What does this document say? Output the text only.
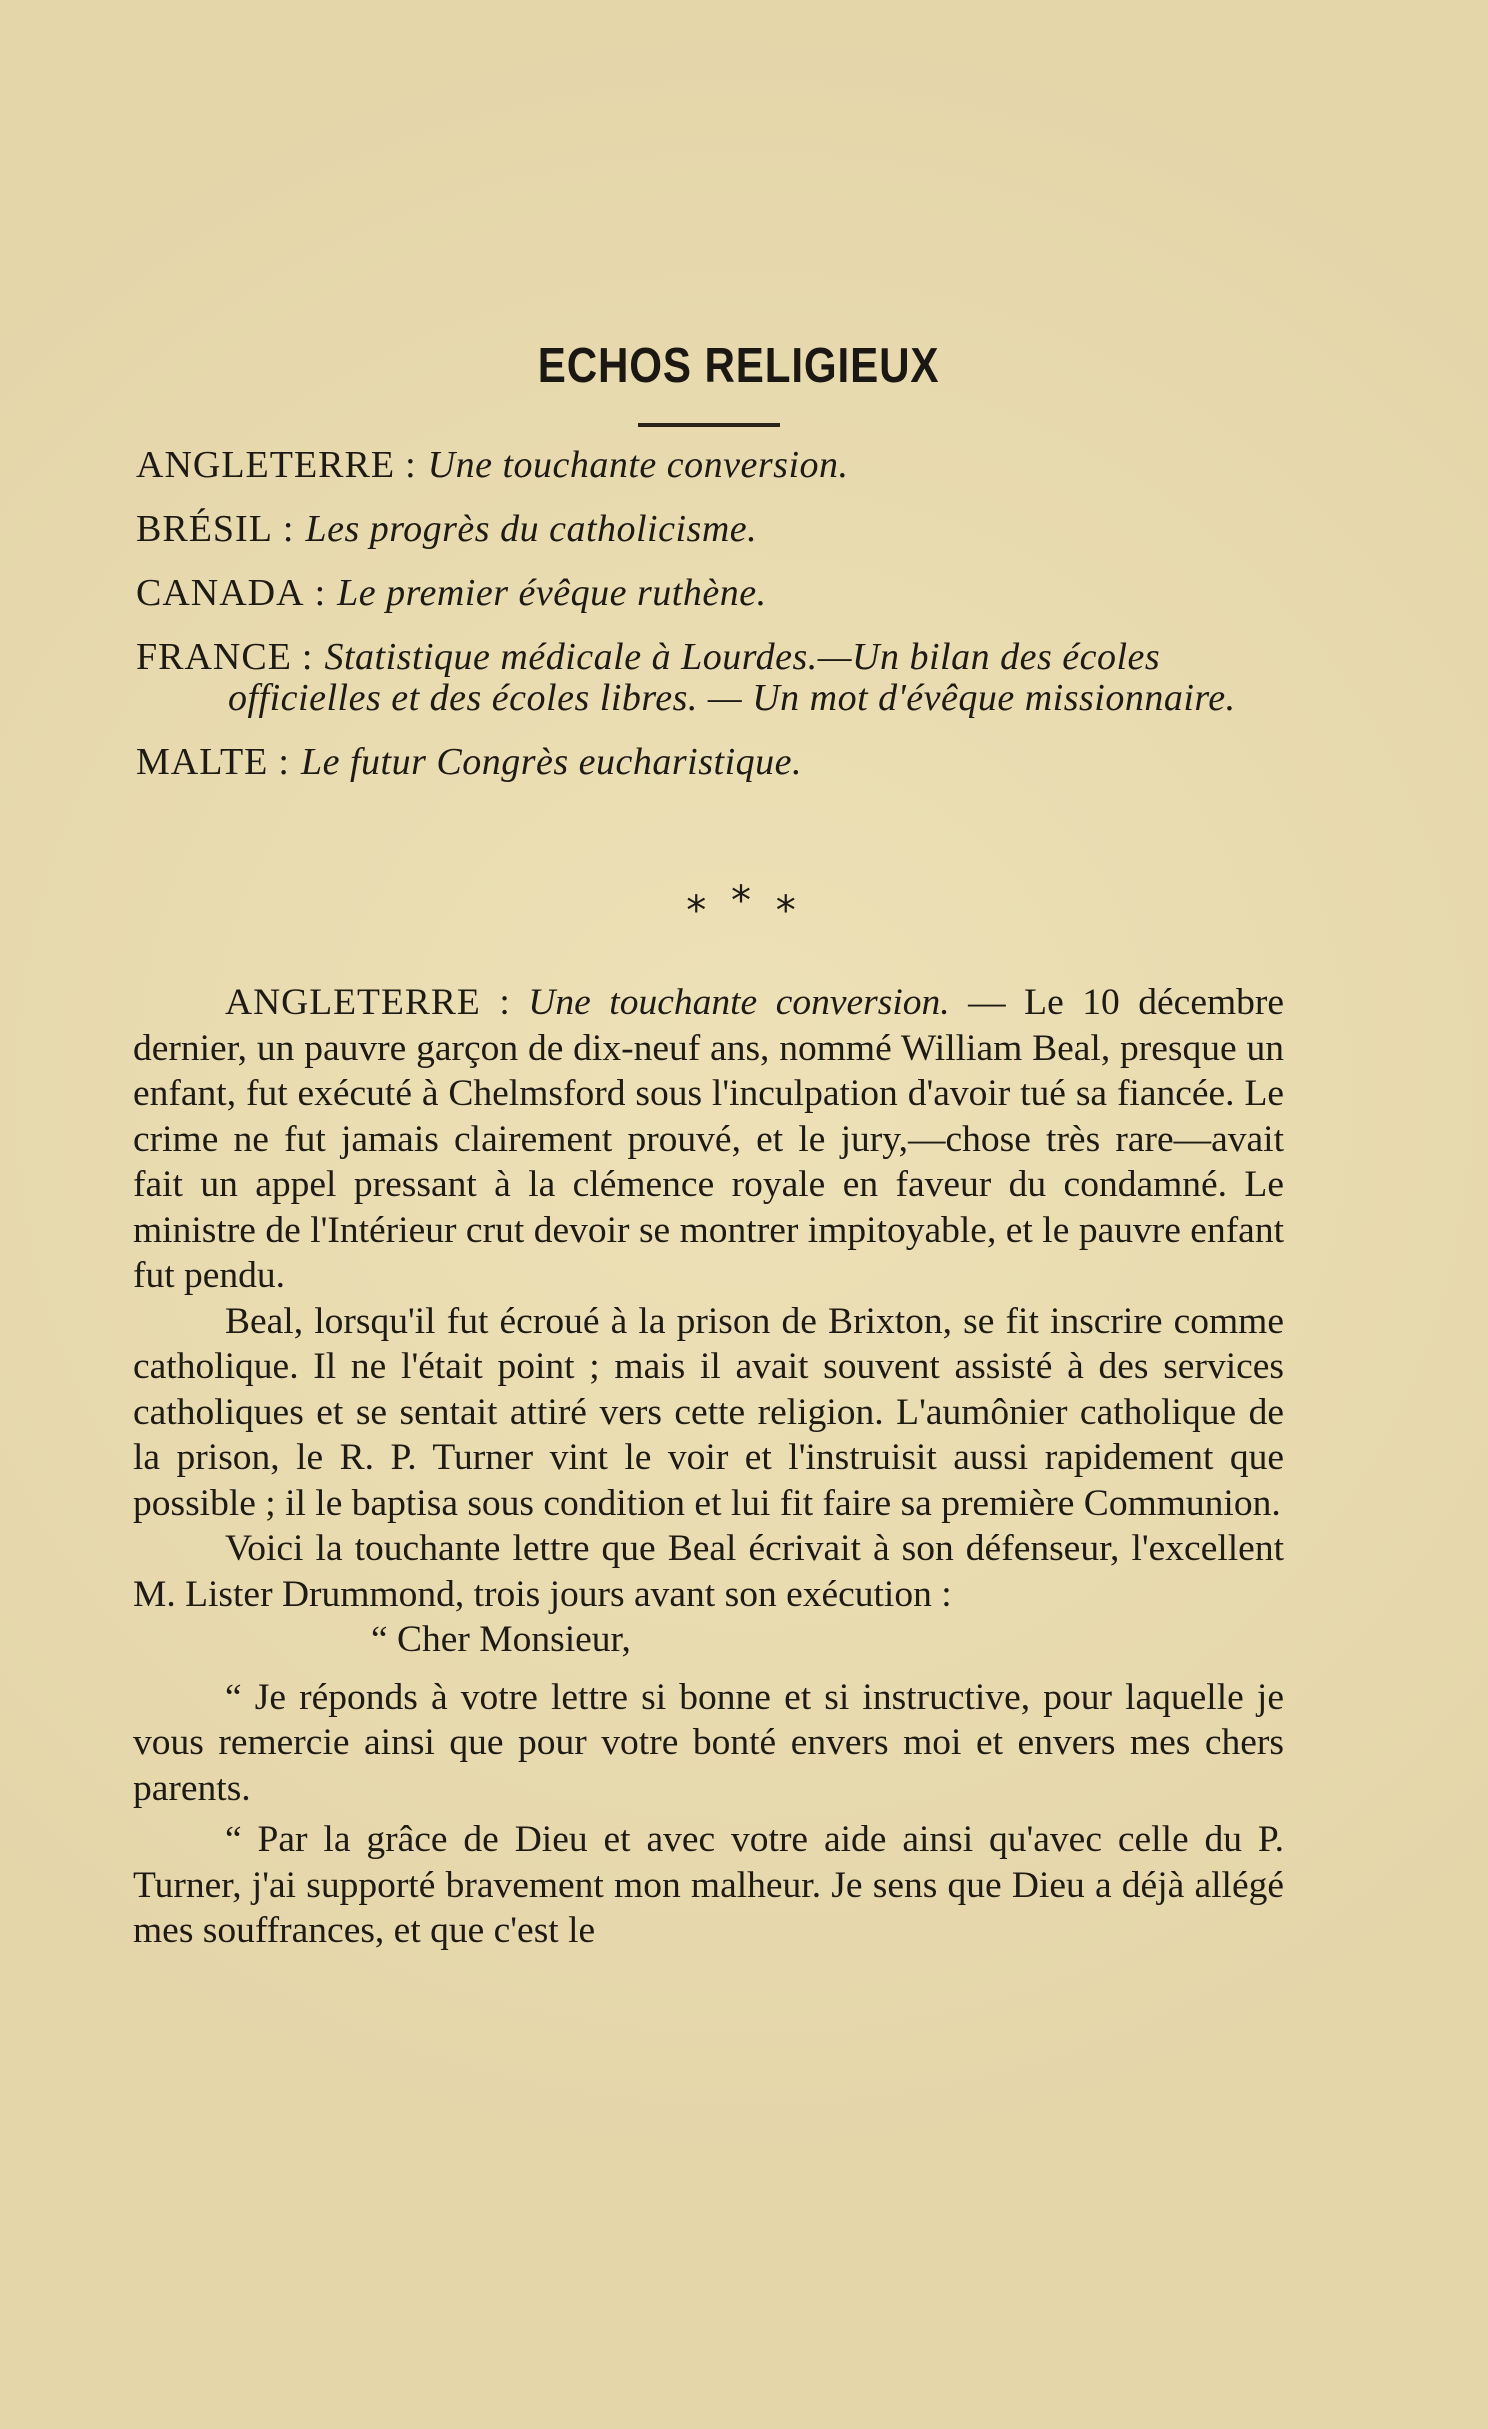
ECHOS RELIGIEUX

ANGLETERRE : Une touchante conversion.

BRÉSIL : Les progrès du catholicisme.

CANADA : Le premier évêque ruthène.

FRANCE : Statistique médicale à Lourdes.—Un bilan des écoles officielles et des écoles libres. — Un mot d'évêque missionnaire.

MALTE : Le futur Congrès eucharistique.

* * *

ANGLETERRE : Une touchante conversion. — Le 10 décembre dernier, un pauvre garçon de dix-neuf ans, nommé William Beal, presque un enfant, fut exécuté à Chelmsford sous l'inculpation d'avoir tué sa fiancée. Le crime ne fut jamais clairement prouvé, et le jury,—chose très rare—avait fait un appel pressant à la clémence royale en faveur du condamné. Le ministre de l'Intérieur crut devoir se montrer impitoyable, et le pauvre enfant fut pendu.

Beal, lorsqu'il fut écroué à la prison de Brixton, se fit inscrire comme catholique. Il ne l'était point ; mais il avait souvent assisté à des services catholiques et se sentait attiré vers cette religion. L'aumônier catholique de la prison, le R. P. Turner vint le voir et l'instruisit aussi rapidement que possible ; il le baptisa sous condition et lui fit faire sa première Communion.

Voici la touchante lettre que Beal écrivait à son défenseur, l'excellent M. Lister Drummond, trois jours avant son exécution :

“ Cher Monsieur,

“ Je réponds à votre lettre si bonne et si instructive, pour laquelle je vous remercie ainsi que pour votre bonté envers moi et envers mes chers parents.

“ Par la grâce de Dieu et avec votre aide ainsi qu'avec celle du P. Turner, j'ai supporté bravement mon malheur. Je sens que Dieu a déjà allégé mes souffrances, et que c'est le
